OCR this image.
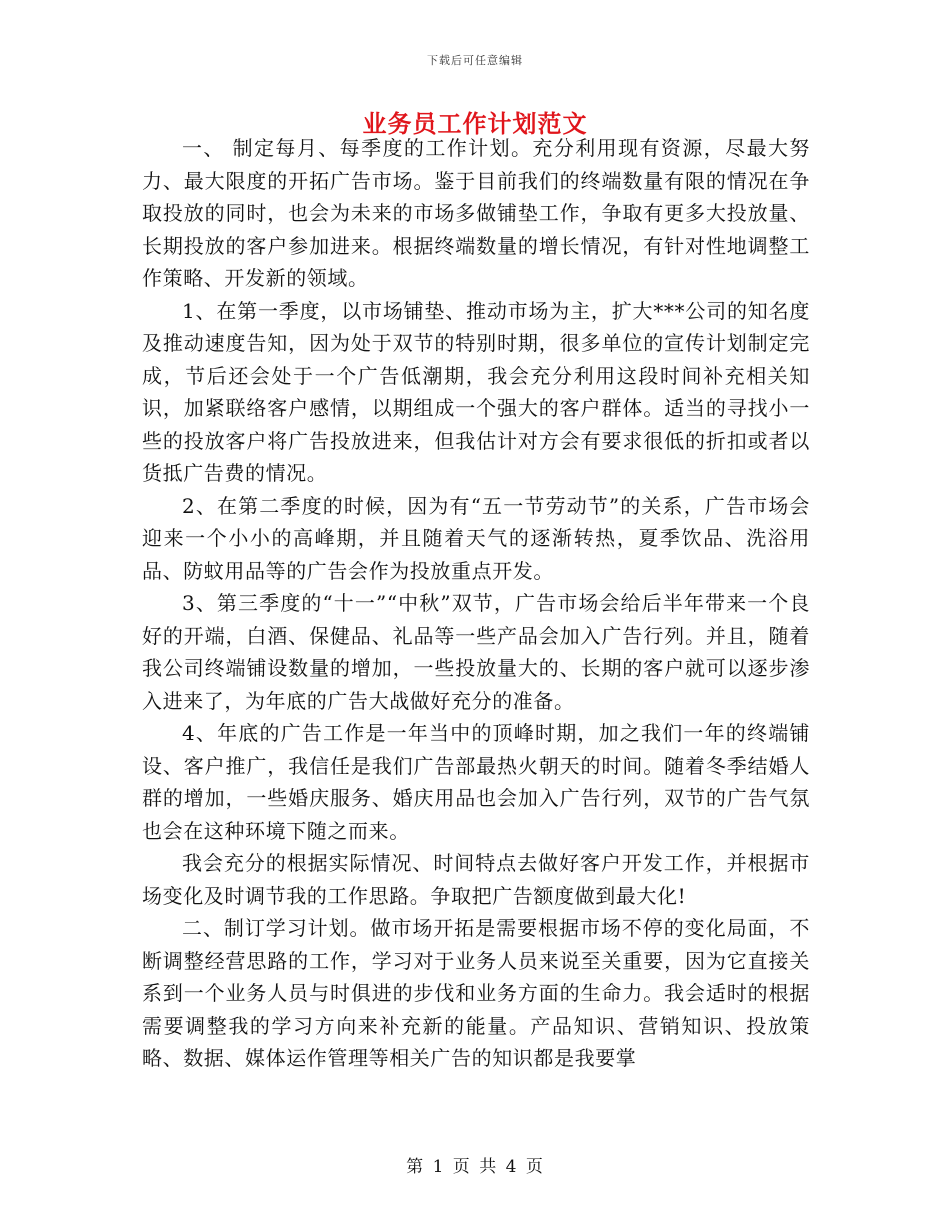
下载后可任意编辑
业务员工作计划范文

一、 制定每月、每季度的工作计划。充分利用现有资源，尽最大努力、最大限度的开拓广告市场。鉴于目前我们的终端数量有限的情况在争取投放的同时，也会为未来的市场多做铺垫工作，争取有更多大投放量、长期投放的客户参加进来。根据终端数量的增长情况，有针对性地调整工作策略、开发新的领域。

1、在第一季度，以市场铺垫、推动市场为主，扩大***公司的知名度及推动速度告知，因为处于双节的特别时期，很多单位的宣传计划制定完成，节后还会处于一个广告低潮期，我会充分利用这段时间补充相关知识，加紧联络客户感情，以期组成一个强大的客户群体。适当的寻找小一些的投放客户将广告投放进来，但我估计对方会有要求很低的折扣或者以货抵广告费的情况。

2、在第二季度的时候，因为有“五一节劳动节”的关系，广告市场会迎来一个小小的高峰期，并且随着天气的逐渐转热，夏季饮品、洗浴用品、防蚊用品等的广告会作为投放重点开发。

3、第三季度的“十一”“中秋”双节，广告市场会给后半年带来一个良好的开端，白酒、保健品、礼品等一些产品会加入广告行列。并且，随着我公司终端铺设数量的增加，一些投放量大的、长期的客户就可以逐步渗入进来了，为年底的广告大战做好充分的准备。

4、年底的广告工作是一年当中的顶峰时期，加之我们一年的终端铺设、客户推广，我信任是我们广告部最热火朝天的时间。随着冬季结婚人群的增加，一些婚庆服务、婚庆用品也会加入广告行列，双节的广告气氛也会在这种环境下随之而来。

我会充分的根据实际情况、时间特点去做好客户开发工作，并根据市场变化及时调节我的工作思路。争取把广告额度做到最大化!

二、制订学习计划。做市场开拓是需要根据市场不停的变化局面，不断调整经营思路的工作，学习对于业务人员来说至关重要，因为它直接关系到一个业务人员与时俱进的步伐和业务方面的生命力。我会适时的根据需要调整我的学习方向来补充新的能量。产品知识、营销知识、投放策略、数据、媒体运作管理等相关广告的知识都是我要掌

第 1 页 共 4 页
